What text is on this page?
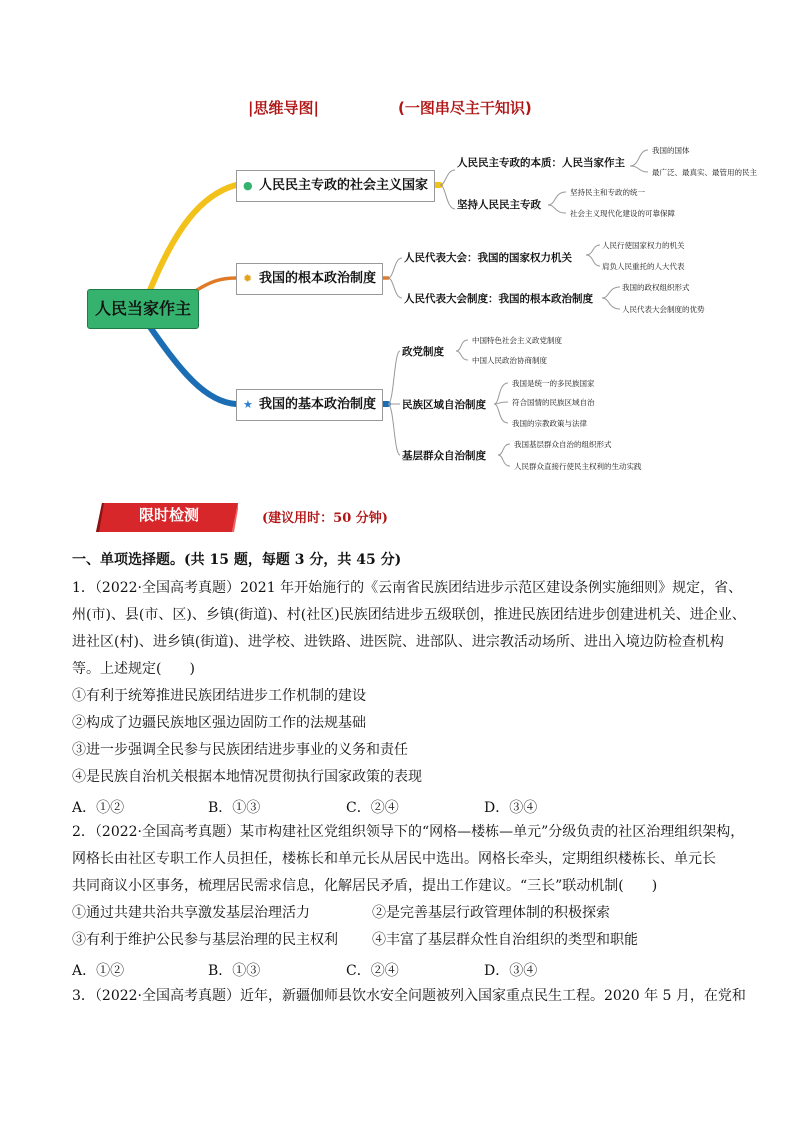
|思维导图|	(一图串尽主干知识)
人民当家作主
● 人民民主专政的社会主义国家
✹ 我国的根本政治制度
★ 我国的基本政治制度
人民民主专政的本质：人民当家作主
我国的国体
最广泛、最真实、最管用的民主
坚持人民民主专政
坚持民主和专政的统一
社会主义现代化建设的可靠保障
人民代表大会：我国的国家权力机关
人民行使国家权力的机关
肩负人民重托的人大代表
人民代表大会制度：我国的根本政治制度
我国的政权组织形式
人民代表大会制度的优势
政党制度
中国特色社会主义政党制度
中国人民政治协商制度
民族区域自治制度
我国是统一的多民族国家
符合国情的民族区域自治
我国的宗教政策与法律
基层群众自治制度
我国基层群众自治的组织形式
人民群众直接行使民主权利的生动实践
限时检测	(建议用时：50 分钟)
一、单项选择题。(共 15 题，每题 3 分，共 45 分)
1．（2022·全国高考真题）2021 年开始施行的《云南省民族团结进步示范区建设条例实施细则》规定，省、
州(市)、县(市、区)、乡镇(街道)、村(社区)民族团结进步五级联创，推进民族团结进步创建进机关、进企业、
进社区(村)、进乡镇(街道)、进学校、进铁路、进医院、进部队、进宗教活动场所、进出入境边防检查机构
等。上述规定(　　)
①有利于统筹推进民族团结进步工作机制的建设
②构成了边疆民族地区强边固防工作的法规基础
③进一步强调全民参与民族团结进步事业的义务和责任
④是民族自治机关根据本地情况贯彻执行国家政策的表现
A．①②	B．①③	C．②④	D．③④
2．（2022·全国高考真题）某市构建社区党组织领导下的“网格—楼栋—单元”分级负责的社区治理组织架构，
网格长由社区专职工作人员担任，楼栋长和单元长从居民中选出。网格长牵头，定期组织楼栋长、单元长
共同商议小区事务，梳理居民需求信息，化解居民矛盾，提出工作建议。“三长”联动机制(　　)
①通过共建共治共享激发基层治理活力	②是完善基层行政管理体制的积极探索
③有利于维护公民参与基层治理的民主权利 ④丰富了基层群众性自治组织的类型和职能
A．①②	B．①③	C．②④	D．③④
3．（2022·全国高考真题）近年，新疆伽师县饮水安全问题被列入国家重点民生工程。2020 年 5 月，在党和
